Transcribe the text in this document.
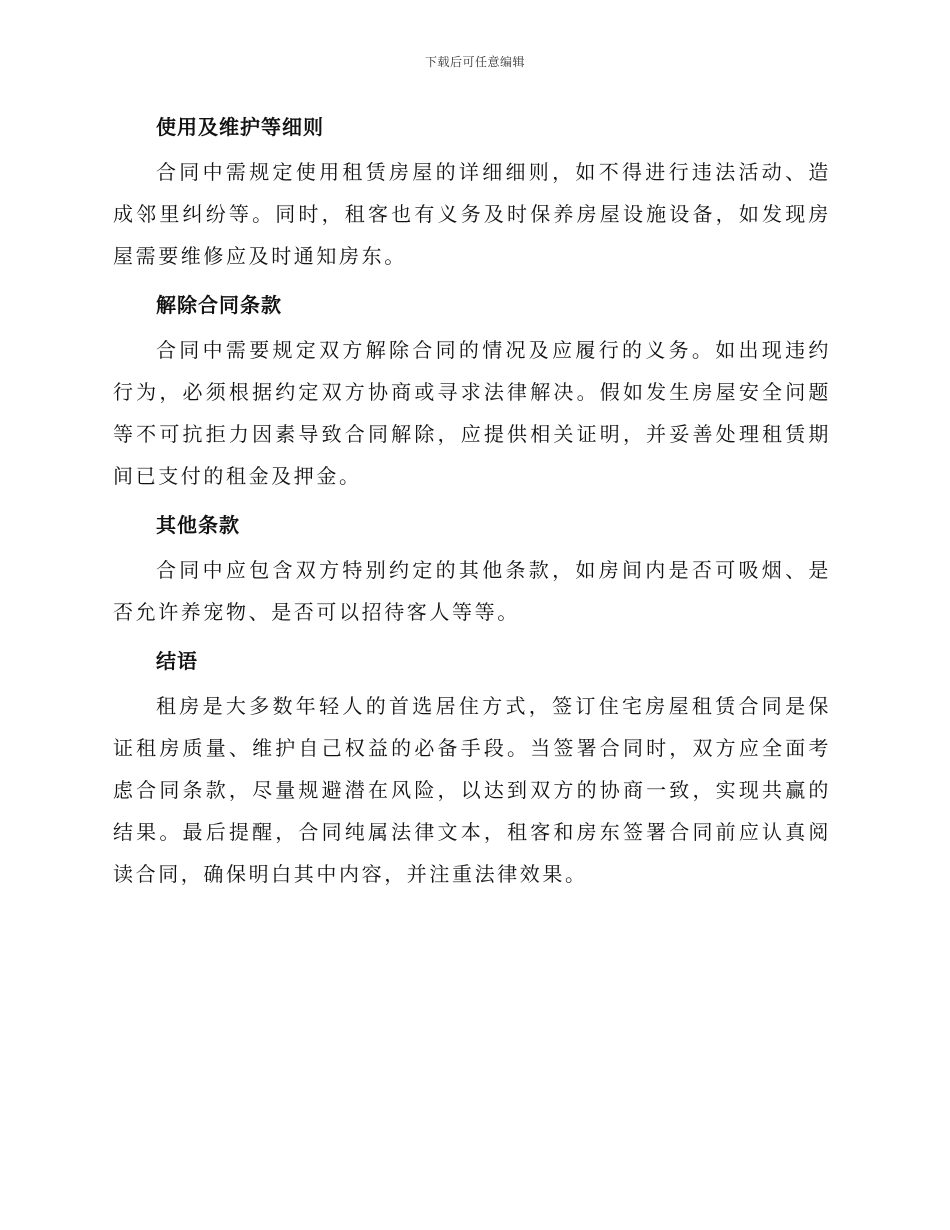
下载后可任意编辑
使用及维护等细则

合同中需规定使用租赁房屋的详细细则，如不得进行违法活动、造成邻里纠纷等。同时，租客也有义务及时保养房屋设施设备，如发现房屋需要维修应及时通知房东。

解除合同条款

合同中需要规定双方解除合同的情况及应履行的义务。如出现违约行为，必须根据约定双方协商或寻求法律解决。假如发生房屋安全问题等不可抗拒力因素导致合同解除，应提供相关证明，并妥善处理租赁期间已支付的租金及押金。

其他条款

合同中应包含双方特别约定的其他条款，如房间内是否可吸烟、是否允许养宠物、是否可以招待客人等等。

结语

租房是大多数年轻人的首选居住方式，签订住宅房屋租赁合同是保证租房质量、维护自己权益的必备手段。当签署合同时，双方应全面考虑合同条款，尽量规避潜在风险，以达到双方的协商一致，实现共赢的结果。最后提醒，合同纯属法律文本，租客和房东签署合同前应认真阅读合同，确保明白其中内容，并注重法律效果。
